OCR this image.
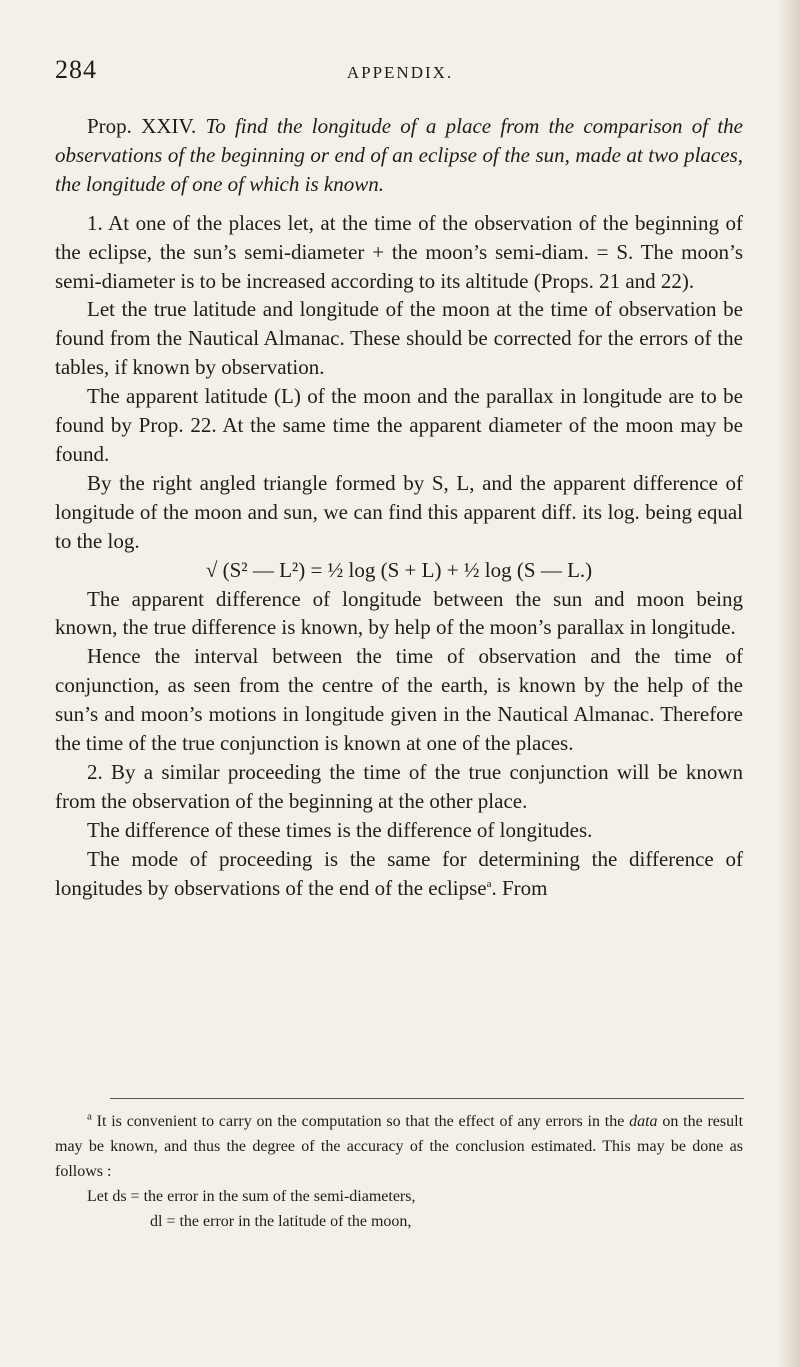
284	APPENDIX.

Prop. XXIV. To find the longitude of a place from the comparison of the observations of the beginning or end of an eclipse of the sun, made at two places, the longitude of one of which is known.

1. At one of the places let, at the time of the observation of the beginning of the eclipse, the sun’s semi-diameter + the moon’s semi-diam. = S. The moon’s semi-diameter is to be increased according to its altitude (Props. 21 and 22).

Let the true latitude and longitude of the moon at the time of observation be found from the Nautical Almanac. These should be corrected for the errors of the tables, if known by observation.

The apparent latitude (L) of the moon and the parallax in longitude are to be found by Prop. 22. At the same time the apparent diameter of the moon may be found.

By the right angled triangle formed by S, L, and the apparent difference of longitude of the moon and sun, we can find this apparent diff. its log. being equal to the log.

√ (S² — L²) = ½ log (S + L) + ½ log (S — L.)

The apparent difference of longitude between the sun and moon being known, the true difference is known, by help of the moon’s parallax in longitude.

Hence the interval between the time of observation and the time of conjunction, as seen from the centre of the earth, is known by the help of the sun’s and moon’s motions in longitude given in the Nautical Almanac. Therefore the time of the true conjunction is known at one of the places.

2. By a similar proceeding the time of the true conjunction will be known from the observation of the beginning at the other place.

The difference of these times is the difference of longitudes.

The mode of proceeding is the same for determining the difference of longitudes by observations of the end of the eclipse$^a$. From

$^a$ It is convenient to carry on the computation so that the effect of any errors in the data on the result may be known, and thus the degree of the accuracy of the conclusion estimated. This may be done as follows :

Let ds = the error in the sum of the semi-diameters,

dl = the error in the latitude of the moon,
